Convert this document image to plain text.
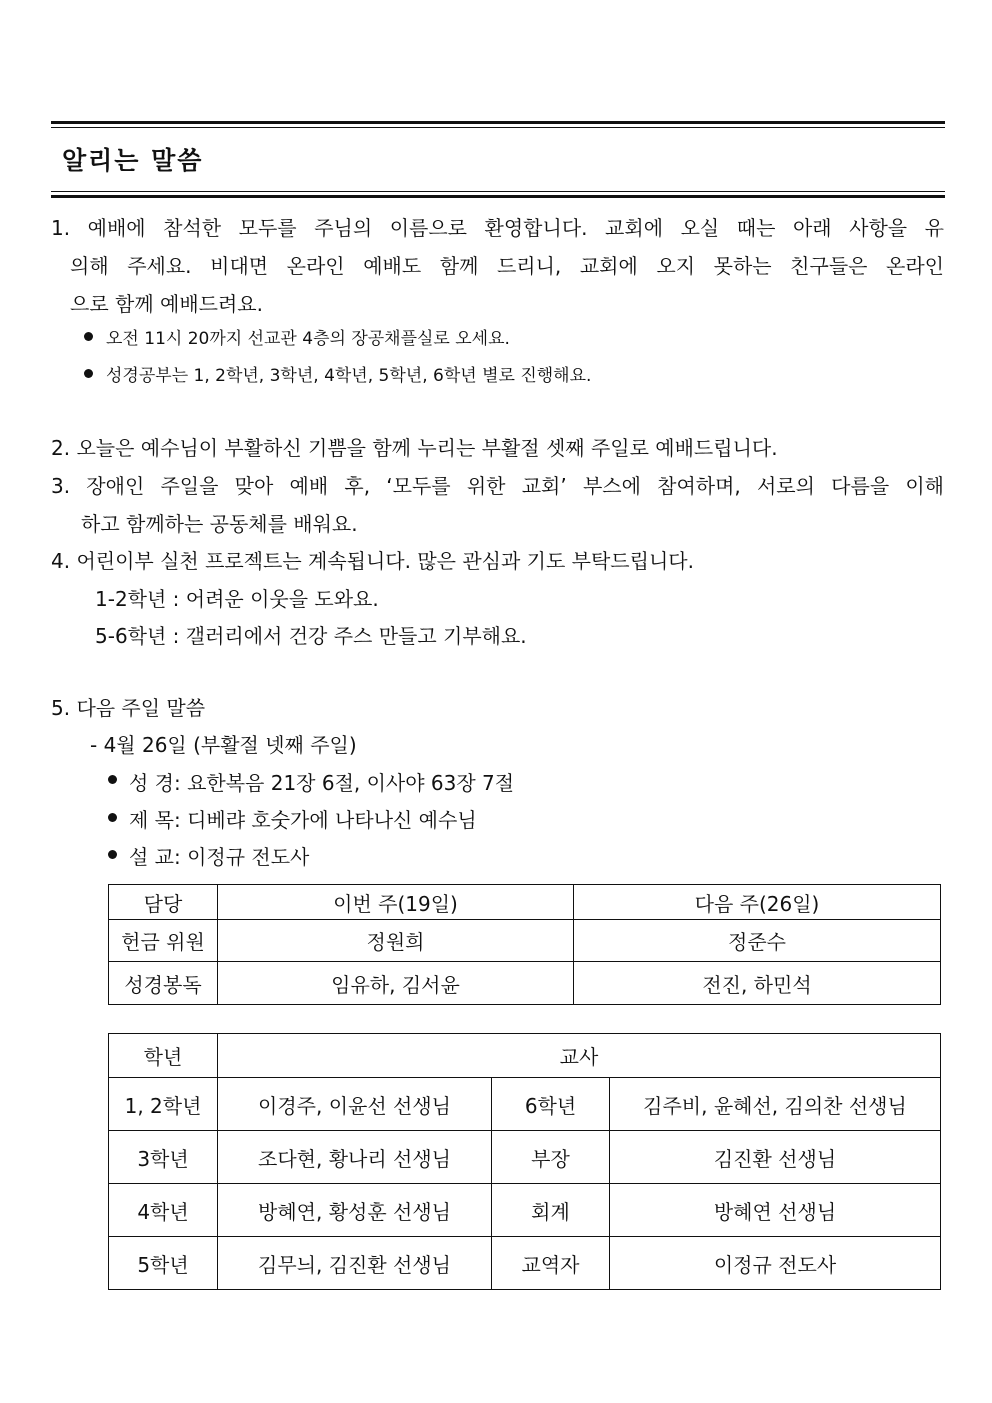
알리는 말씀
1. 예배에 참석한 모두를 주님의 이름으로 환영합니다. 교회에 오실 때는 아래 사항을 유
의해 주세요. 비대면 온라인 예배도 함께 드리니, 교회에 오지 못하는 친구들은 온라인
으로 함께 예배드려요.
오전 11시 20까지 선교관 4층의 장공채플실로 오세요.
성경공부는 1, 2학년, 3학년, 4학년, 5학년, 6학년 별로 진행해요.
2. 오늘은 예수님이 부활하신 기쁨을 함께 누리는 부활절 셋째 주일로 예배드립니다.
3. 장애인 주일을 맞아 예배 후, ‘모두를 위한 교회’ 부스에 참여하며, 서로의 다름을 이해
하고 함께하는 공동체를 배워요.
4. 어린이부 실천 프로젝트는 계속됩니다. 많은 관심과 기도 부탁드립니다.
1-2학년 : 어려운 이웃을 도와요.
5-6학년 : 갤러리에서 건강 주스 만들고 기부해요.
5. 다음 주일 말씀
- 4월 26일 (부활절 넷째 주일)
성 경: 요한복음 21장 6절, 이사야 63장 7절
제 목: 디베랴 호숫가에 나타나신 예수님
설 교: 이정규 전도사
담당	이번 주(19일)	다음 주(26일)
헌금 위원	정원희	정준수
성경봉독	임유하, 김서윤	전진, 하민석
학년	교사		
1, 2학년	이경주, 이윤선 선생님	6학년	김주비, 윤혜선, 김의찬 선생님
3학년	조다현, 황나리 선생님	부장	김진환 선생님
4학년	방혜연, 황성훈 선생님	회계	방혜연 선생님
5학년	김무늬, 김진환 선생님	교역자	이정규 전도사
